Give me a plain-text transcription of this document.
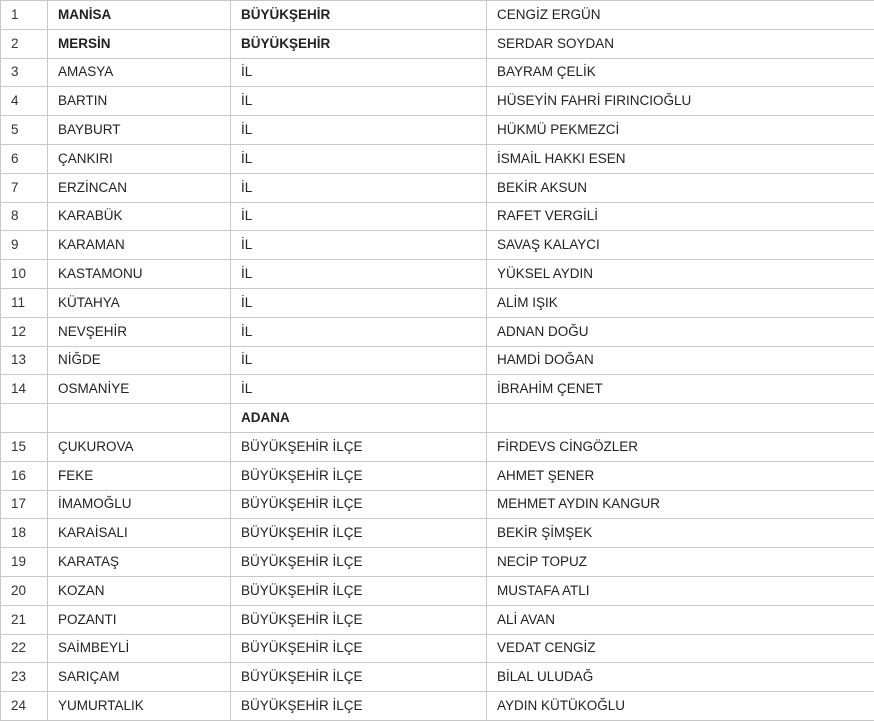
1	MANİSA	BÜYÜKŞEHİR	CENGİZ ERGÜN
2	MERSİN	BÜYÜKŞEHİR	SERDAR SOYDAN
3	AMASYA	İL	BAYRAM ÇELİK
4	BARTIN	İL	HÜSEYİN FAHRİ FIRINCIOĞLU
5	BAYBURT	İL	HÜKMÜ PEKMEZCİ
6	ÇANKIRI	İL	İSMAİL HAKKI ESEN
7	ERZİNCAN	İL	BEKİR AKSUN
8	KARABÜK	İL	RAFET VERGİLİ
9	KARAMAN	İL	SAVAŞ KALAYCI
10	KASTAMONU	İL	YÜKSEL AYDIN
11	KÜTAHYA	İL	ALİM IŞIK
12	NEVŞEHİR	İL	ADNAN DOĞU
13	NİĞDE	İL	HAMDİ DOĞAN
14	OSMANİYE	İL	İBRAHİM ÇENET
		ADANA	
15	ÇUKUROVA	BÜYÜKŞEHİR İLÇE	FİRDEVS CİNGÖZLER
16	FEKE	BÜYÜKŞEHİR İLÇE	AHMET ŞENER
17	İMAMOĞLU	BÜYÜKŞEHİR İLÇE	MEHMET AYDIN KANGUR
18	KARAİSALI	BÜYÜKŞEHİR İLÇE	BEKİR ŞİMŞEK
19	KARATAŞ	BÜYÜKŞEHİR İLÇE	NECİP TOPUZ
20	KOZAN	BÜYÜKŞEHİR İLÇE	MUSTAFA ATLI
21	POZANTI	BÜYÜKŞEHİR İLÇE	ALİ AVAN
22	SAİMBEYLİ	BÜYÜKŞEHİR İLÇE	VEDAT CENGİZ
23	SARIÇAM	BÜYÜKŞEHİR İLÇE	BİLAL ULUDAĞ
24	YUMURTALIK	BÜYÜKŞEHİR İLÇE	AYDIN KÜTÜKOĞLU
